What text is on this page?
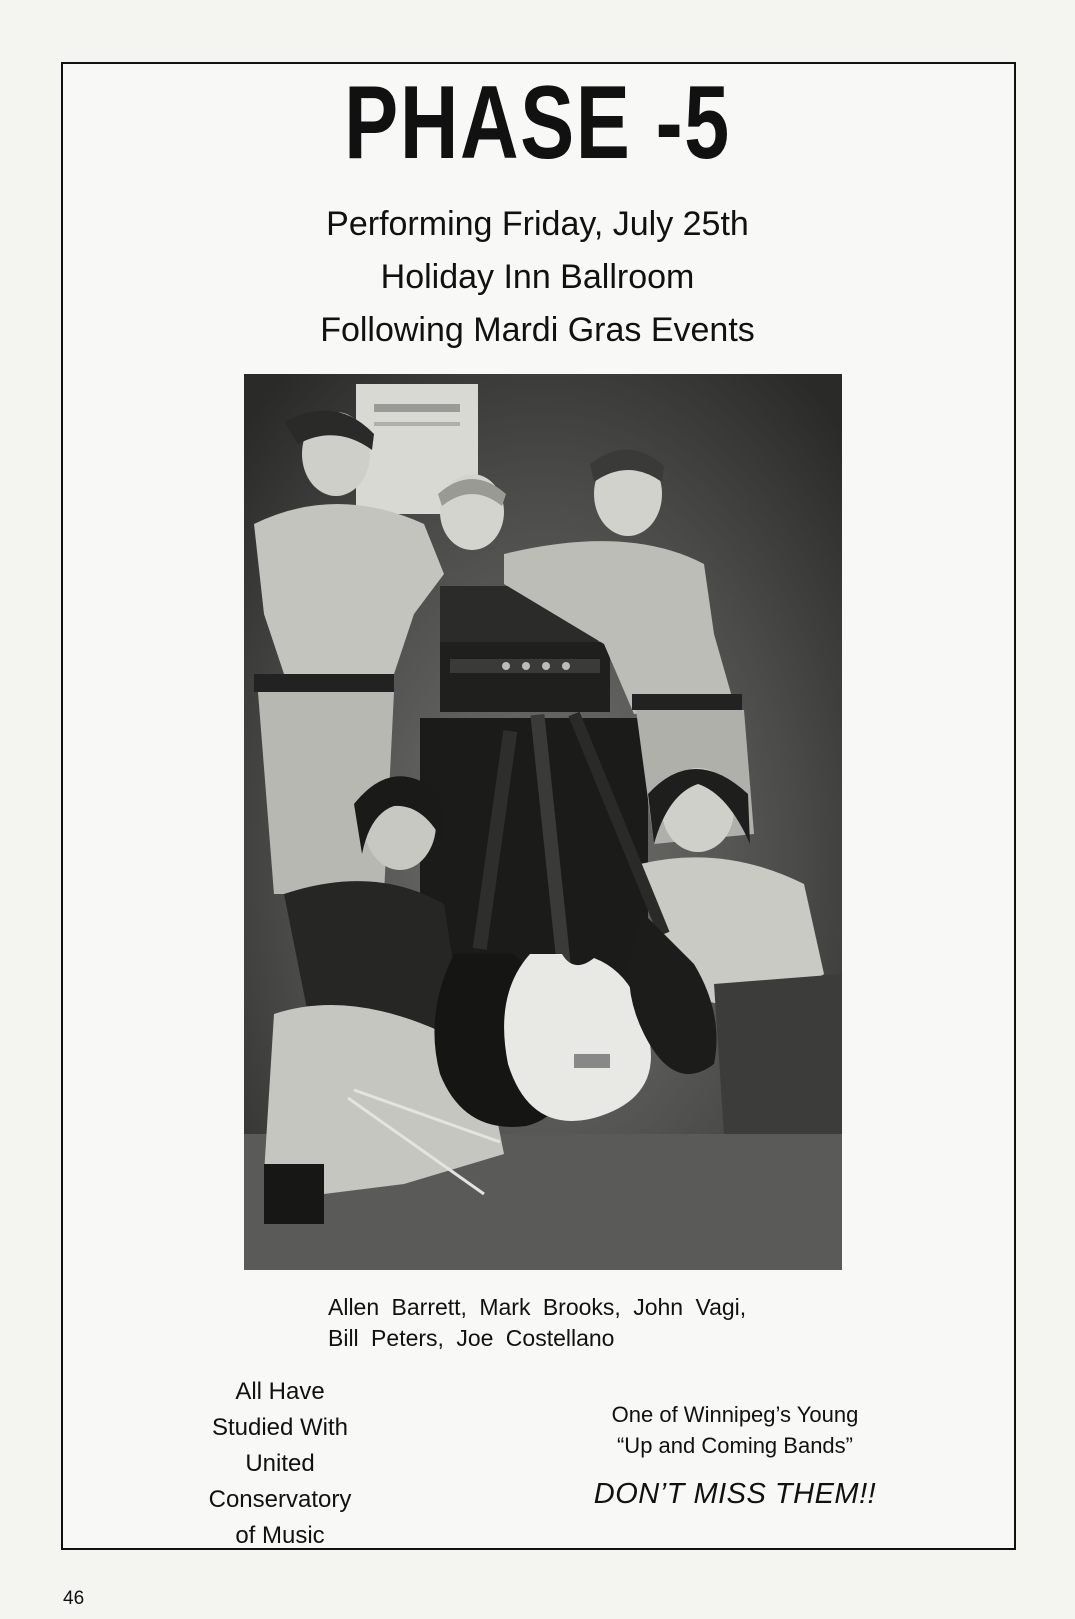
PHASE -5
Performing Friday, July 25th
Holiday Inn Ballroom
Following Mardi Gras Events
Allen Barrett, Mark Brooks, John Vagi, Bill Peters, Joe Costellano
All Have
Studied With
United
Conservatory
of Music
One of Winnipeg’s Young
“Up and Coming Bands”
DON’T MISS THEM!!
46
